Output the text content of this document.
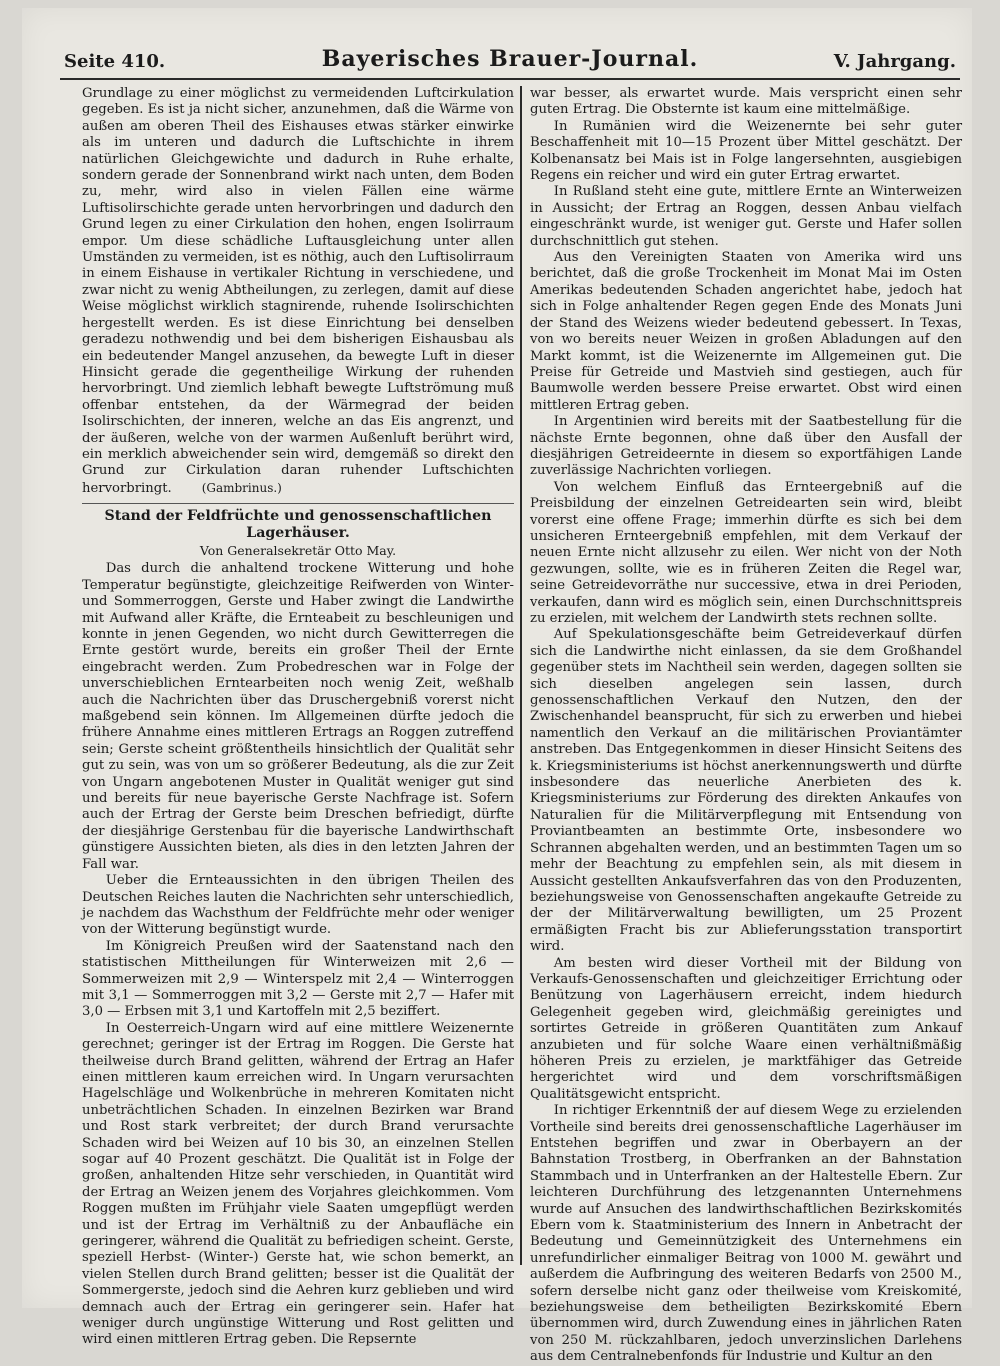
Seite 410.	Bayerisches Brauer-Journal.	V. Jahrgang.

Grundlage zu einer möglichst zu vermeidenden Luftcirkulation gegeben. Es ist ja nicht sicher, anzunehmen, daß die Wärme von außen am oberen Theil des Eishauses etwas stärker einwirke als im unteren und dadurch die Luftschichte in ihrem natürlichen Gleichgewichte und dadurch in Ruhe erhalte, sondern gerade der Sonnenbrand wirkt nach unten, dem Boden zu, mehr, wird also in vielen Fällen eine wärme Luftisolirschichte gerade unten hervorbringen und dadurch den Grund legen zu einer Cirkulation den hohen, engen Isolirraum empor. Um diese schädliche Luftausgleichung unter allen Umständen zu vermeiden, ist es nöthig, auch den Luftisolirraum in einem Eishause in vertikaler Richtung in verschiedene, und zwar nicht zu wenig Abtheilungen, zu zerlegen, damit auf diese Weise möglichst wirklich stagnirende, ruhende Isolirschichten hergestellt werden. Es ist diese Einrichtung bei denselben geradezu nothwendig und bei dem bisherigen Eishausbau als ein bedeutender Mangel anzusehen, da bewegte Luft in dieser Hinsicht gerade die gegentheilige Wirkung der ruhenden hervorbringt. Und ziemlich lebhaft bewegte Luftströmung muß offenbar entstehen, da der Wärmegrad der beiden Isolirschichten, der inneren, welche an das Eis angrenzt, und der äußeren, welche von der warmen Außenluft berührt wird, ein merklich abweichender sein wird, demgemäß so direkt den Grund zur Cirkulation daran ruhender Luftschichten hervorbringt.	(Gambrinus.)

Stand der Feldfrüchte und genossenschaftlichen Lagerhäuser.
Von Generalsekretär Otto May.

Das durch die anhaltend trockene Witterung und hohe Temperatur begünstigte, gleichzeitige Reifwerden von Winter- und Sommerroggen, Gerste und Haber zwingt die Landwirthe mit Aufwand aller Kräfte, die Ernteabeit zu beschleunigen und konnte in jenen Gegenden, wo nicht durch Gewitterregen die Ernte gestört wurde, bereits ein großer Theil der Ernte eingebracht werden. Zum Probedreschen war in Folge der unverschieblichen Erntearbeiten noch wenig Zeit, weßhalb auch die Nachrichten über das Druschergebniß vorerst nicht maßgebend sein können. Im Allgemeinen dürfte jedoch die frühere Annahme eines mittleren Ertrags an Roggen zutreffend sein; Gerste scheint größtentheils hinsichtlich der Qualität sehr gut zu sein, was von um so größerer Bedeutung, als die zur Zeit von Ungarn angebotenen Muster in Qualität weniger gut sind und bereits für neue bayerische Gerste Nachfrage ist. Sofern auch der Ertrag der Gerste beim Dreschen befriedigt, dürfte der diesjährige Gerstenbau für die bayerische Landwirthschaft günstigere Aussichten bieten, als dies in den letzten Jahren der Fall war.

Ueber die Ernteaussichten in den übrigen Theilen des Deutschen Reiches lauten die Nachrichten sehr unterschiedlich, je nachdem das Wachsthum der Feldfrüchte mehr oder weniger von der Witterung begünstigt wurde.

Im Königreich Preußen wird der Saatenstand nach den statistischen Mittheilungen für Winterweizen mit 2,6 — Sommerweizen mit 2,9 — Winterspelz mit 2,4 — Winterroggen mit 3,1 — Sommerroggen mit 3,2 — Gerste mit 2,7 — Hafer mit 3,0 — Erbsen mit 3,1 und Kartoffeln mit 2,5 beziffert.

In Oesterreich-Ungarn wird auf eine mittlere Weizenernte gerechnet; geringer ist der Ertrag im Roggen. Die Gerste hat theilweise durch Brand gelitten, während der Ertrag an Hafer einen mittleren kaum erreichen wird. In Ungarn verursachten Hagelschläge und Wolkenbrüche in mehreren Komitaten nicht unbeträchtlichen Schaden. In einzelnen Bezirken war Brand und Rost stark verbreitet; der durch Brand verursachte Schaden wird bei Weizen auf 10 bis 30, an einzelnen Stellen sogar auf 40 Prozent geschätzt. Die Qualität ist in Folge der großen, anhaltenden Hitze sehr verschieden, in Quantität wird der Ertrag an Weizen jenem des Vorjahres gleichkommen. Vom Roggen mußten im Frühjahr viele Saaten umgepflügt werden und ist der Ertrag im Verhältniß zu der Anbaufläche ein geringerer, während die Qualität zu befriedigen scheint. Gerste, speziell Herbst- (Winter-) Gerste hat, wie schon bemerkt, an vielen Stellen durch Brand gelitten; besser ist die Qualität der Sommergerste, jedoch sind die Aehren kurz geblieben und wird demnach auch der Ertrag ein geringerer sein. Hafer hat weniger durch ungünstige Witterung und Rost gelitten und wird einen mittleren Ertrag geben. Die Repsernte

war besser, als erwartet wurde. Mais verspricht einen sehr guten Ertrag. Die Obsternte ist kaum eine mittelmäßige.

In Rumänien wird die Weizenernte bei sehr guter Beschaffenheit mit 10—15 Prozent über Mittel geschätzt. Der Kolbenansatz bei Mais ist in Folge langersehnten, ausgiebigen Regens ein reicher und wird ein guter Ertrag erwartet.

In Rußland steht eine gute, mittlere Ernte an Winterweizen in Aussicht; der Ertrag an Roggen, dessen Anbau vielfach eingeschränkt wurde, ist weniger gut. Gerste und Hafer sollen durchschnittlich gut stehen.

Aus den Vereinigten Staaten von Amerika wird uns berichtet, daß die große Trockenheit im Monat Mai im Osten Amerikas bedeutenden Schaden angerichtet habe, jedoch hat sich in Folge anhaltender Regen gegen Ende des Monats Juni der Stand des Weizens wieder bedeutend gebessert. In Texas, von wo bereits neuer Weizen in großen Abladungen auf den Markt kommt, ist die Weizenernte im Allgemeinen gut. Die Preise für Getreide und Mastvieh sind gestiegen, auch für Baumwolle werden bessere Preise erwartet. Obst wird einen mittleren Ertrag geben.

In Argentinien wird bereits mit der Saatbestellung für die nächste Ernte begonnen, ohne daß über den Ausfall der diesjährigen Getreideernte in diesem so exportfähigen Lande zuverlässige Nachrichten vorliegen.

Von welchem Einfluß das Ernteergebniß auf die Preisbildung der einzelnen Getreidearten sein wird, bleibt vorerst eine offene Frage; immerhin dürfte es sich bei dem unsicheren Ernteergebniß empfehlen, mit dem Verkauf der neuen Ernte nicht allzusehr zu eilen. Wer nicht von der Noth gezwungen, sollte, wie es in früheren Zeiten die Regel war, seine Getreidevorräthe nur successive, etwa in drei Perioden, verkaufen, dann wird es möglich sein, einen Durchschnittspreis zu erzielen, mit welchem der Landwirth stets rechnen sollte.

Auf Spekulationsgeschäfte beim Getreideverkauf dürfen sich die Landwirthe nicht einlassen, da sie dem Großhandel gegenüber stets im Nachtheil sein werden, dagegen sollten sie sich dieselben angelegen sein lassen, durch genossenschaftlichen Verkauf den Nutzen, den der Zwischenhandel beansprucht, für sich zu erwerben und hiebei namentlich den Verkauf an die militärischen Proviantämter anstreben. Das Entgegenkommen in dieser Hinsicht Seitens des k. Kriegsministeriums ist höchst anerkennungswerth und dürfte insbesondere das neuerliche Anerbieten des k. Kriegsministeriums zur Förderung des direkten Ankaufes von Naturalien für die Militärverpflegung mit Entsendung von Proviantbeamten an bestimmte Orte, insbesondere wo Schrannen abgehalten werden, und an bestimmten Tagen um so mehr der Beachtung zu empfehlen sein, als mit diesem in Aussicht gestellten Ankaufsverfahren das von den Produzenten, beziehungsweise von Genossenschaften angekaufte Getreide zu der der Militärverwaltung bewilligten, um 25 Prozent ermäßigten Fracht bis zur Ablieferungsstation transportirt wird.

Am besten wird dieser Vortheil mit der Bildung von Verkaufs-Genossenschaften und gleichzeitiger Errichtung oder Benützung von Lagerhäusern erreicht, indem hiedurch Gelegenheit gegeben wird, gleichmäßig gereinigtes und sortirtes Getreide in größeren Quantitäten zum Ankauf anzubieten und für solche Waare einen verhältnißmäßig höheren Preis zu erzielen, je marktfähiger das Getreide hergerichtet wird und dem vorschriftsmäßigen Qualitätsgewicht entspricht.

In richtiger Erkenntniß der auf diesem Wege zu erzielenden Vortheile sind bereits drei genossenschaftliche Lagerhäuser im Entstehen begriffen und zwar in Oberbayern an der Bahnstation Trostberg, in Oberfranken an der Bahnstation Stammbach und in Unterfranken an der Haltestelle Ebern. Zur leichteren Durchführung des letzgenannten Unternehmens wurde auf Ansuchen des landwirthschaftlichen Bezirkskomités Ebern vom k. Staatministerium des Innern in Anbetracht der Bedeutung und Gemeinnützigkeit des Unternehmens ein unrefundirlicher einmaliger Beitrag von 1000 M. gewährt und außerdem die Aufbringung des weiteren Bedarfs von 2500 M., sofern derselbe nicht ganz oder theilweise vom Kreiskomité, beziehungsweise dem betheiligten Bezirkskomité Ebern übernommen wird, durch Zuwendung eines in jährlichen Raten von 250 M. rückzahlbaren, jedoch unverzinslichen Darlehens aus dem Centralnebenfonds für Industrie und Kultur an den
